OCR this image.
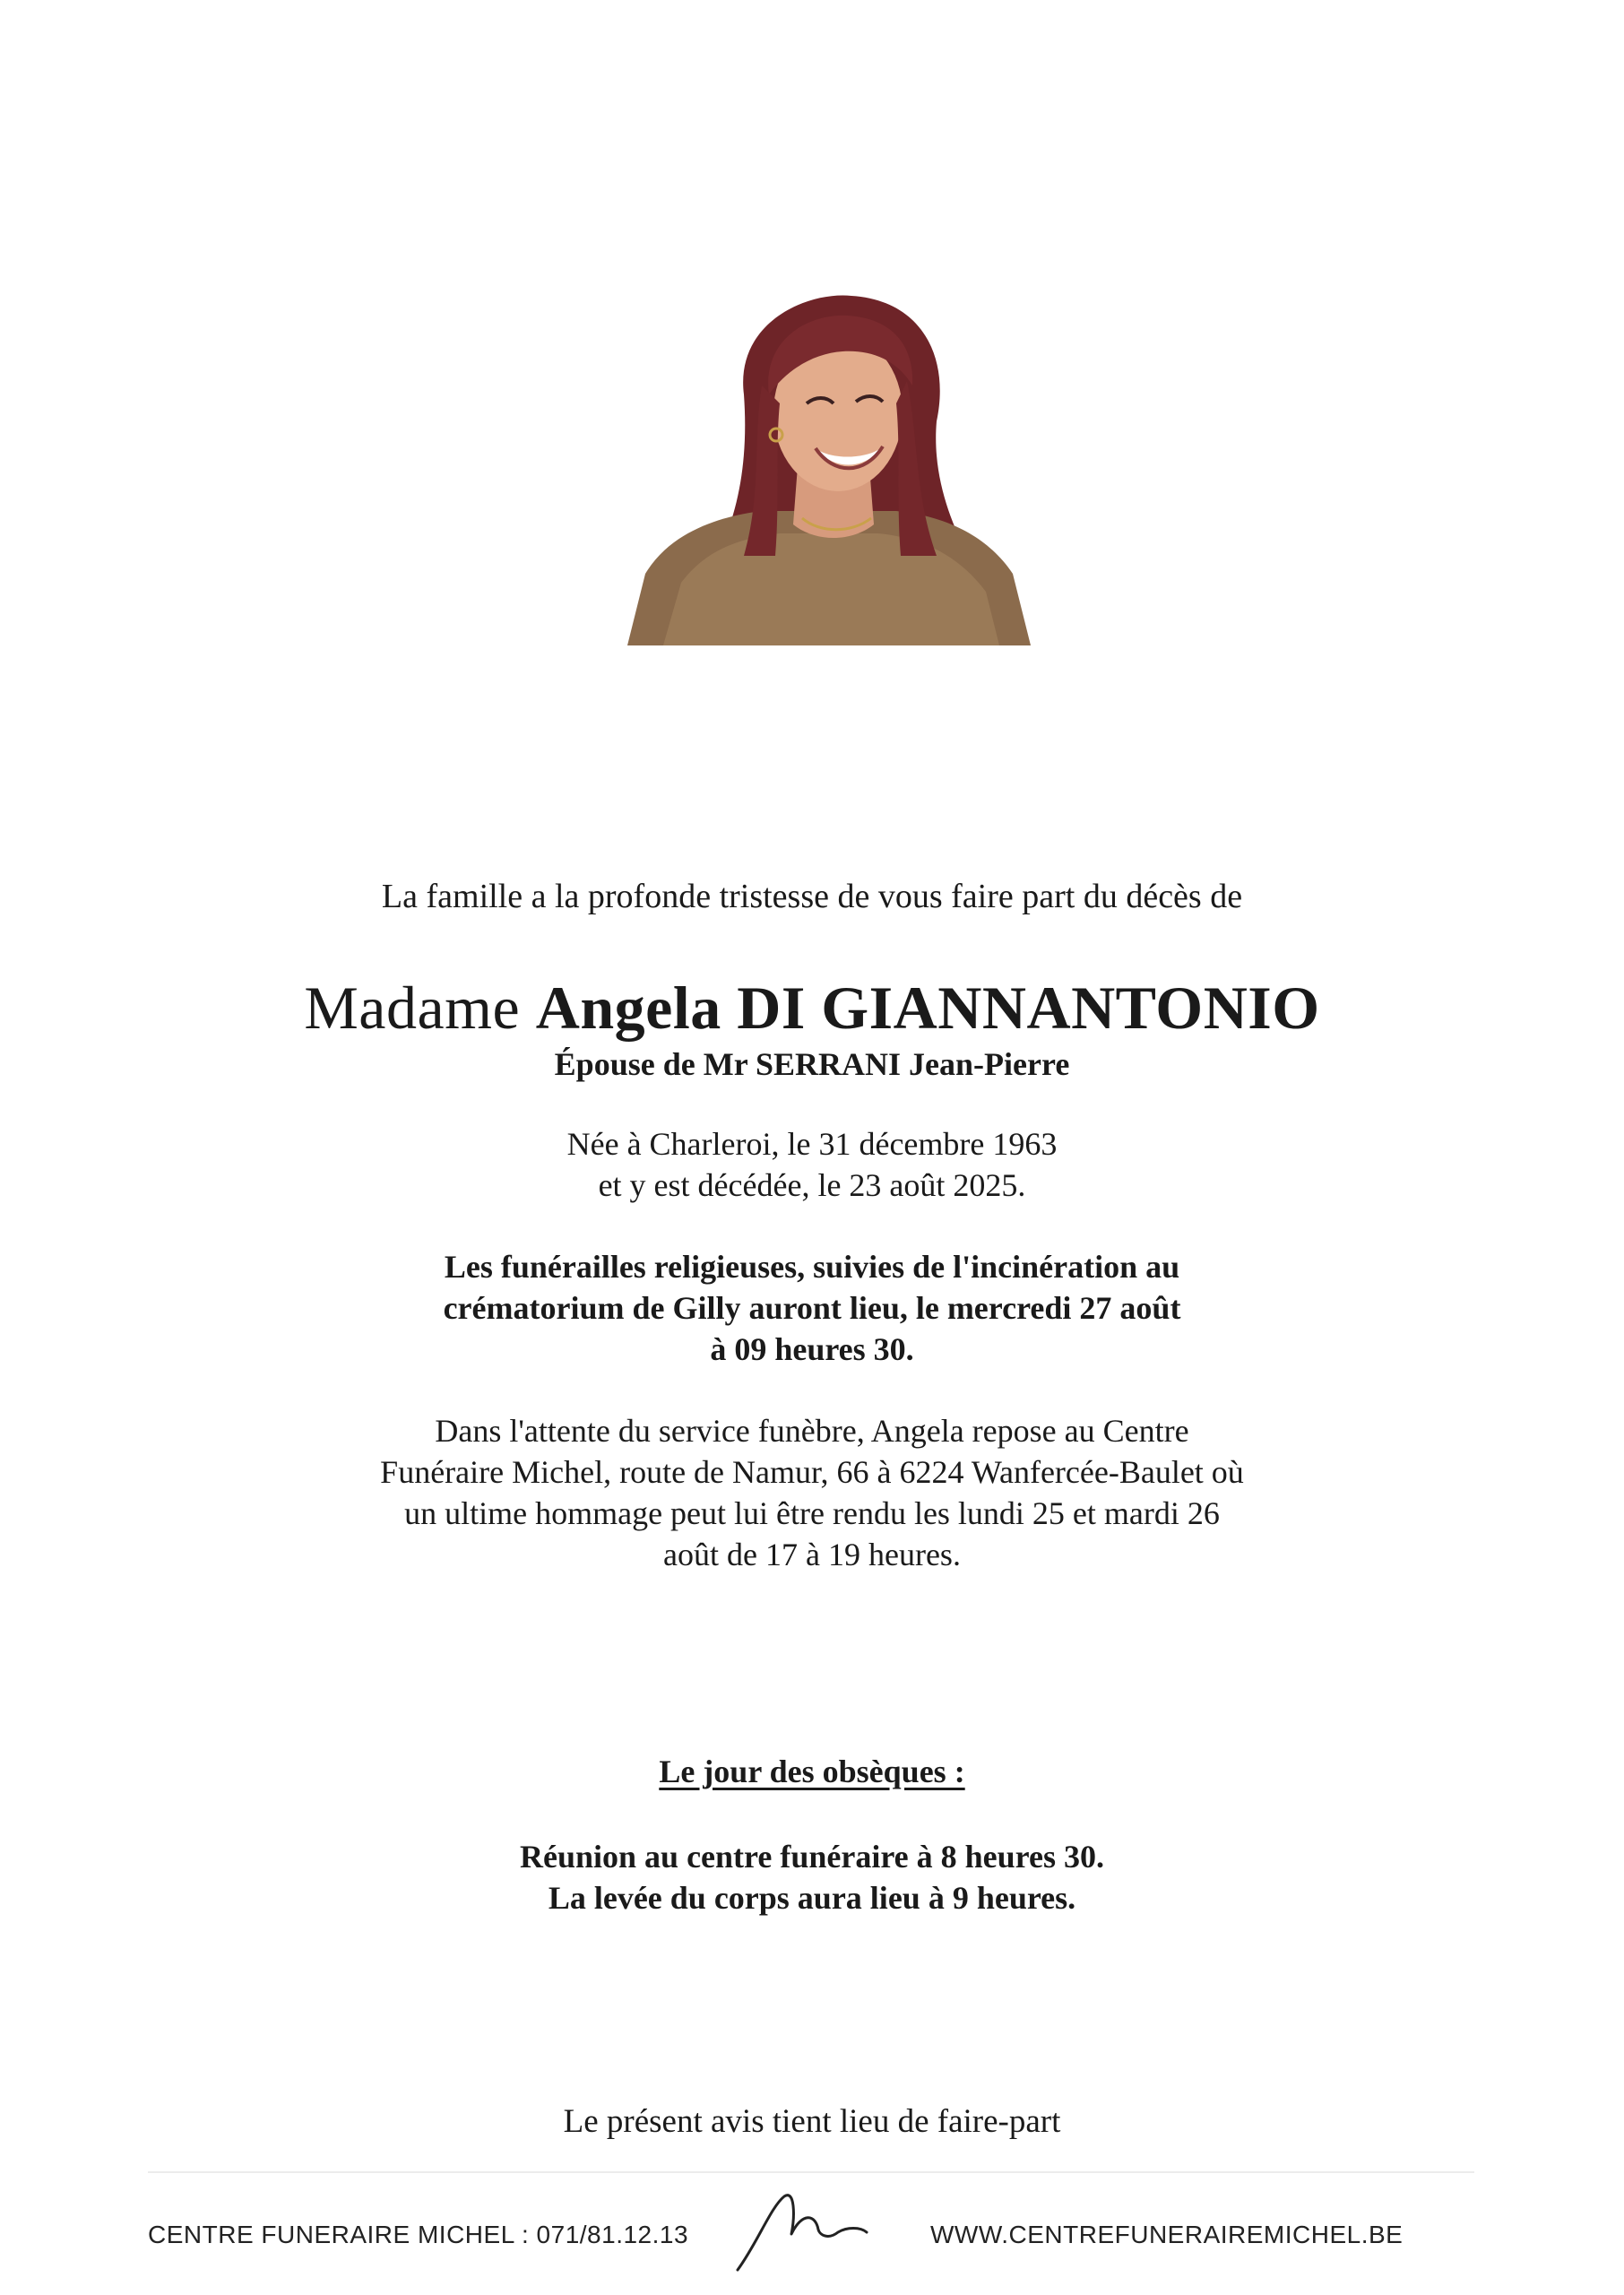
La famille a la profonde tristesse de vous faire part du décès de

Madame Angela DI GIANNANTONIO

Épouse de Mr SERRANI Jean-Pierre

Née à Charleroi, le 31 décembre 1963
et y est décédée, le 23 août 2025.
Les funérailles religieuses, suivies de l'incinération au
crématorium de Gilly auront lieu, le mercredi 27 août
à 09 heures 30.
Dans l'attente du service funèbre, Angela repose au Centre
Funéraire Michel, route de Namur, 66 à 6224 Wanfercée-Baulet où
un ultime hommage peut lui être rendu les lundi 25 et mardi 26
août de 17 à 19 heures.

Le jour des obsèques :

Réunion au centre funéraire à 8 heures 30.
La levée du corps aura lieu à 9 heures.

Le présent avis tient lieu de faire-part

CENTRE FUNERAIRE MICHEL : 071/81.12.13	WWW.CENTREFUNERAIREMICHEL.BE
